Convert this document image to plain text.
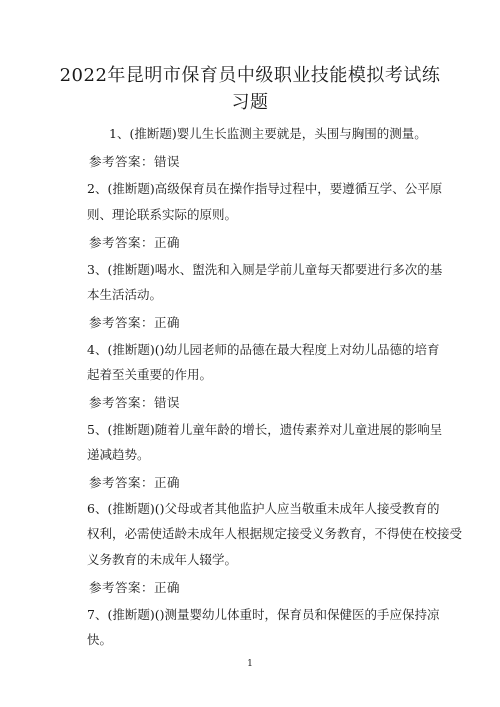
2022年昆明市保育员中级职业技能模拟考试练
习题
1、(推断题)婴儿生长监测主要就是，头围与胸围的测量。
参考答案：错误
2、(推断题)高级保育员在操作指导过程中，要遵循互学、公平原
则、理论联系实际的原则。
参考答案：正确
3、(推断题)喝水、盥洗和入厕是学前儿童每天都要进行多次的基
本生活活动。
参考答案：正确
4、(推断题)()幼儿园老师的品德在最大程度上对幼儿品德的培育
起着至关重要的作用。
参考答案：错误
5、(推断题)随着儿童年龄的增长，遗传素养对儿童进展的影响呈
递减趋势。
参考答案：正确
6、(推断题)()父母或者其他监护人应当敬重未成年人接受教育的
权利，必需使适龄未成年人根据规定接受义务教育，不得使在校接受
义务教育的未成年人辍学。
参考答案：正确
7、(推断题)()测量婴幼儿体重时，保育员和保健医的手应保持凉
快。
1
